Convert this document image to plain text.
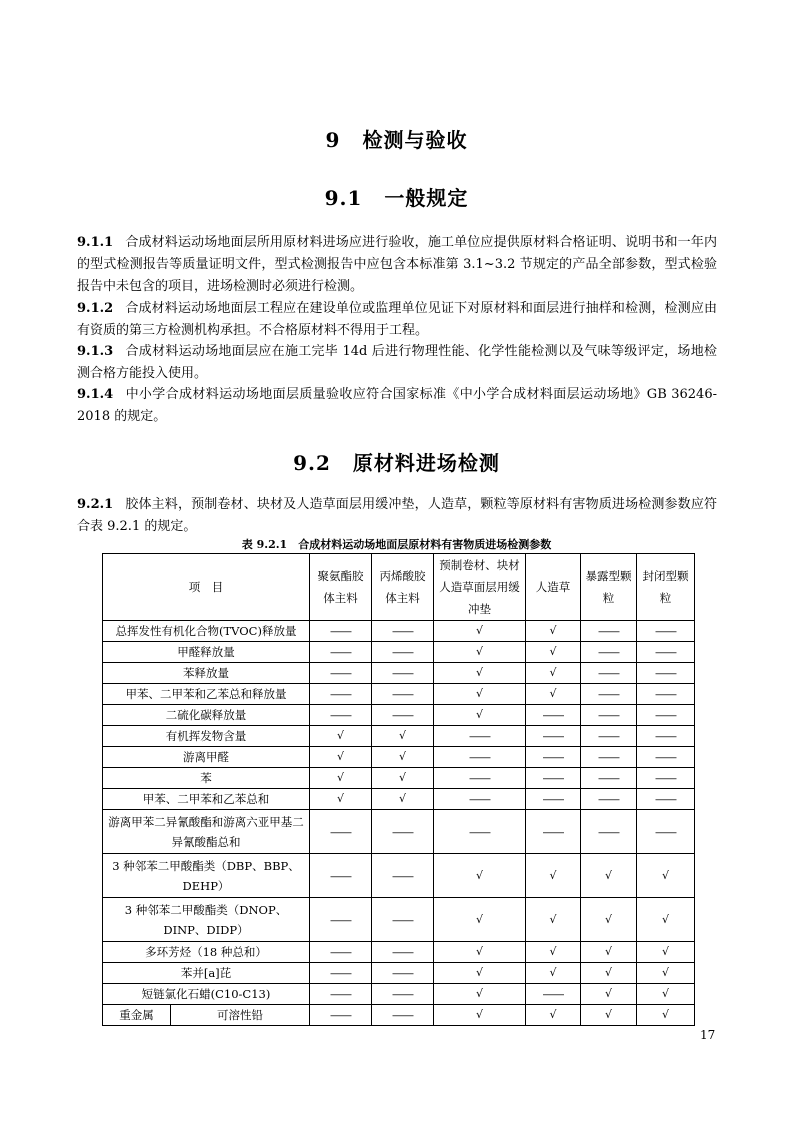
9 检测与验收
9.1 一般规定
9.1.1 合成材料运动场地面层所用原材料进场应进行验收，施工单位应提供原材料合格证明、说明书和一年内的型式检测报告等质量证明文件，型式检测报告中应包含本标准第 3.1~3.2 节规定的产品全部参数，型式检验报告中未包含的项目，进场检测时必须进行检测。
9.1.2 合成材料运动场地面层工程应在建设单位或监理单位见证下对原材料和面层进行抽样和检测，检测应由有资质的第三方检测机构承担。不合格原材料不得用于工程。
9.1.3 合成材料运动场地面层应在施工完毕 14d 后进行物理性能、化学性能检测以及气味等级评定，场地检测合格方能投入使用。
9.1.4 中小学合成材料运动场地面层质量验收应符合国家标准《中小学合成材料面层运动场地》GB 36246-2018 的规定。
9.2 原材料进场检测
9.2.1 胶体主料，预制卷材、块材及人造草面层用缓冲垫，人造草，颗粒等原材料有害物质进场检测参数应符合表 9.2.1 的规定。
表 9.2.1　合成材料运动场地面层原材料有害物质进场检测参数
项　目		聚氨酯胶体主料	丙烯酸胶体主料	预制卷材、块材人造草面层用缓冲垫	人造草	暴露型颗粒	封闭型颗粒
总挥发性有机化合物(TVOC)释放量		——	——	√	√	——	——
甲醛释放量		——	——	√	√	——	——
苯释放量		——	——	√	√	——	——
甲苯、二甲苯和乙苯总和释放量		——	——	√	√	——	——
二硫化碳释放量		——	——	√	——	——	——
有机挥发物含量		√	√	——	——	——	——
游离甲醛		√	√	——	——	——	——
苯		√	√	——	——	——	——
甲苯、二甲苯和乙苯总和		√	√	——	——	——	——
游离甲苯二异氰酸酯和游离六亚甲基二异氰酸酯总和		——	——	——	——	——	——
3 种邻苯二甲酸酯类（DBP、BBP、DEHP）		——	——	√	√	√	√
3 种邻苯二甲酸酯类（DNOP、DINP、DIDP）		——	——	√	√	√	√
多环芳烃（18 种总和）		——	——	√	√	√	√
苯并[a]芘		——	——	√	√	√	√
短链氯化石蜡(C10-C13)		——	——	√	——	√	√
重金属	可溶性铅	——	——	√	√	√	√
17
